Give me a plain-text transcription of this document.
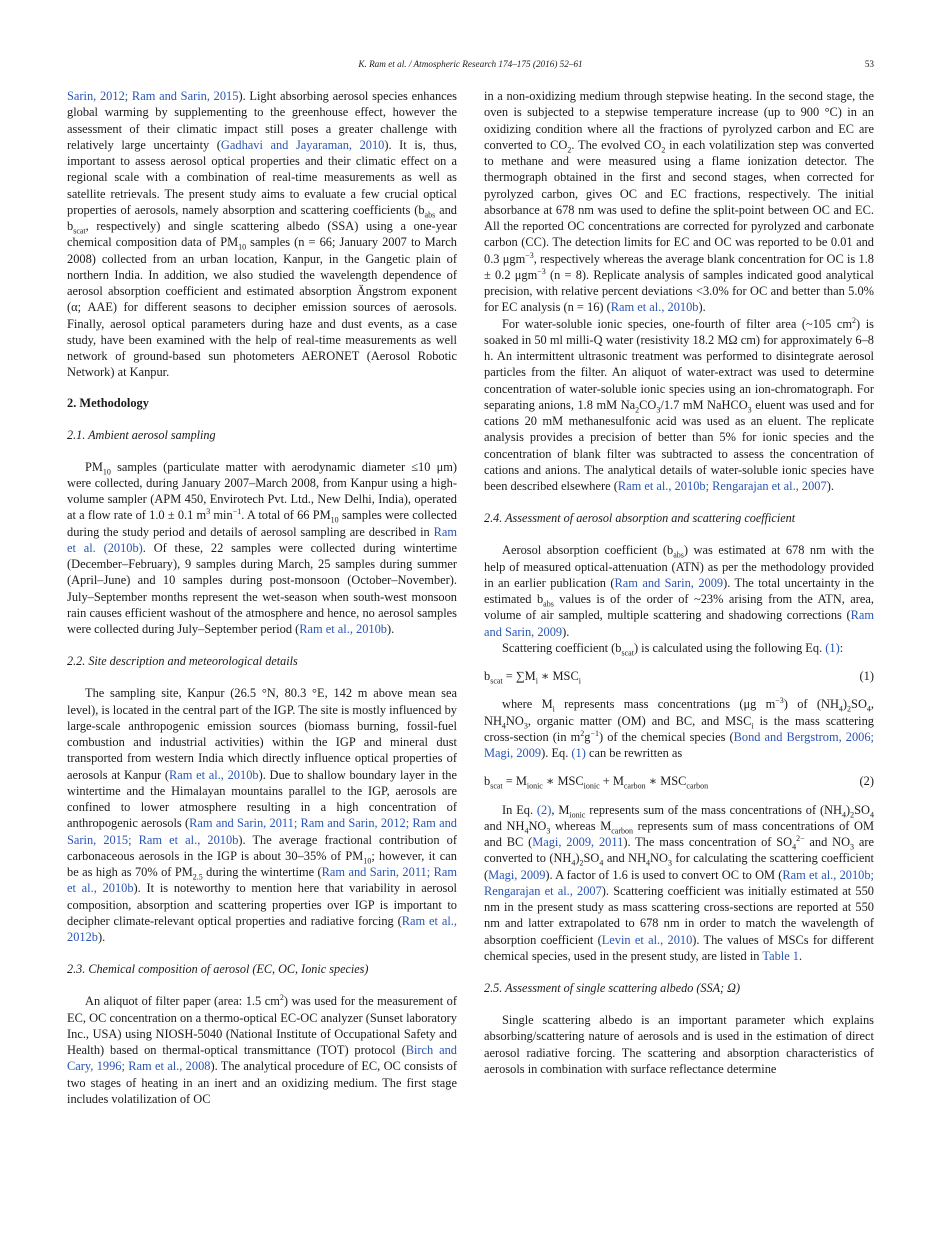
K. Ram et al. / Atmospheric Research 174–175 (2016) 52–61	53

Sarin, 2012; Ram and Sarin, 2015). Light absorbing aerosol species enhances global warming by supplementing to the greenhouse effect, however the assessment of their climatic impact still poses a greater challenge with relatively large uncertainty (Gadhavi and Jayaraman, 2010). It is, thus, important to assess aerosol optical properties and their climatic effect on a regional scale with a combination of real-time measurements as well as satellite retrievals. The present study aims to evaluate a few crucial optical properties of aerosols, namely absorption and scattering coefficients ($b_{abs}$ and $b_{scat}$, respectively) and single scattering albedo (SSA) using a one-year chemical composition data of $PM_{10}$ samples (n = 66; January 2007 to March 2008) collected from an urban location, Kanpur, in the Gangetic plain of northern India. In addition, we also studied the wavelength dependence of aerosol absorption coefficient and estimated absorption Ängstrom exponent (α; AAE) for different seasons to decipher emission sources of aerosols. Finally, aerosol optical parameters during haze and dust events, as a case study, have been examined with the help of real-time measurements as well network of ground-based sun photometers AERONET (Aerosol Robotic Network) at Kanpur.

2. Methodology
2.1. Ambient aerosol sampling

$PM_{10}$ samples (particulate matter with aerodynamic diameter ≤10 μm) were collected, during January 2007–March 2008, from Kanpur using a high-volume sampler (APM 450, Envirotech Pvt. Ltd., New Delhi, India), operated at a flow rate of 1.0 ± 0.1 $m^3$ $\min^{-1}$. A total of 66 $PM_{10}$ samples were collected during the study period and details of aerosol sampling are described in Ram et al. (2010b). Of these, 22 samples were collected during wintertime (December–February), 9 samples during March, 25 samples during summer (April–June) and 10 samples during post-monsoon (October–November). July–September months represent the wet-season when south-west monsoon rain causes efficient washout of the atmosphere and hence, no aerosol samples were collected during July–September period (Ram et al., 2010b).

2.2. Site description and meteorological details

The sampling site, Kanpur (26.5 °N, 80.3 °E, 142 m above mean sea level), is located in the central part of the IGP. The site is mostly influenced by large-scale anthropogenic emission sources (biomass burning, fossil-fuel combustion and industrial activities) within the IGP and mineral dust transported from western India which directly influence optical properties of aerosols at Kanpur (Ram et al., 2010b). Due to shallow boundary layer in the wintertime and the Himalayan mountains parallel to the IGP, aerosols are confined to lower atmosphere resulting in a high concentration of anthropogenic aerosols (Ram and Sarin, 2011; Ram and Sarin, 2012; Ram and Sarin, 2015; Ram et al., 2010b). The average fractional contribution of carbonaceous aerosols in the IGP is about 30–35% of $PM_{10}$; however, it can be as high as 70% of $PM_{2.5}$ during the wintertime (Ram and Sarin, 2011; Ram et al., 2010b). It is noteworthy to mention here that variability in aerosol composition, absorption and scattering properties over IGP is important to decipher climate-relevant optical properties and radiative forcing (Ram et al., 2012b).

2.3. Chemical composition of aerosol (EC, OC, Ionic species)

An aliquot of filter paper (area: 1.5 $cm^2$) was used for the measurement of EC, OC concentration on a thermo-optical EC-OC analyzer (Sunset laboratory Inc., USA) using NIOSH-5040 (National Institute of Occupational Safety and Health) based on thermal-optical transmittance (TOT) protocol (Birch and Cary, 1996; Ram et al., 2008). The analytical procedure of EC, OC consists of two stages of heating in an inert and an oxidizing medium. The first stage includes volatilization of OC

in a non-oxidizing medium through stepwise heating. In the second stage, the oven is subjected to a stepwise temperature increase (up to 900 °C) in an oxidizing condition where all the fractions of pyrolyzed carbon and EC are converted to $CO_2$. The evolved $CO_2$ in each volatilization step was converted to methane and were measured using a flame ionization detector. The thermograph obtained in the first and second stages, when corrected for pyrolyzed carbon, gives OC and EC fractions, respectively. The initial absorbance at 678 nm was used to define the split-point between OC and EC. All the reported OC concentrations are corrected for pyrolyzed and carbonate carbon (CC). The detection limits for EC and OC was reported to be 0.01 and 0.3 μgm$^{-3}$, respectively whereas the average blank concentration for OC is 1.8 ± 0.2 μgm$^{-3}$ (n = 8). Replicate analysis of samples indicated good analytical precision, with relative percent deviations <3.0% for OC and better than 5.0% for EC analysis (n = 16) (Ram et al., 2010b).

For water-soluble ionic species, one-fourth of filter area (~105 $cm^2$) is soaked in 50 ml milli-Q water (resistivity 18.2 MΩ cm) for approximately 6–8 h. An intermittent ultrasonic treatment was performed to disintegrate aerosol particles from the filter. An aliquot of water-extract was used to determine concentration of water-soluble ionic species using an ion-chromatograph. For separating anions, 1.8 mM $Na_2CO_3/1.7$ mM NaHCO$_3$ eluent was used and for cations 20 mM methanesulfonic acid was used as an eluent. The replicate analysis provides a precision of better than 5% for ionic species and the concentration of blank filter was subtracted to assess the concentration of cations and anions. The analytical details of water-soluble ionic species have been described elsewhere (Ram et al., 2010b; Rengarajan et al., 2007).

2.4. Assessment of aerosol absorption and scattering coefficient

Aerosol absorption coefficient $(b_{abs})$ was estimated at 678 nm with the help of measured optical-attenuation (ATN) as per the methodology provided in an earlier publication (Ram and Sarin, 2009). The total uncertainty in the estimated $b_{abs}$ values is of the order of ~23% arising from the ATN, area, volume of air sampled, multiple scattering and shadowing corrections (Ram and Sarin, 2009).

Scattering coefficient $(b_{scat})$ is calculated using the following Eq. (1):

$b_{scat} = \sum M_i$ ∗ $MSC_i$	(1)

where $M_i$ represents mass concentrations (μg $m^{-3}$) of $(NH_4)_2SO_4$, $NH_4NO_3$, organic matter (OM) and BC, and $MSC_i$ is the mass scattering cross-section (in $m^2g^{-1}$) of the chemical species (Bond and Bergstrom, 2006; Magi, 2009). Eq. (1) can be rewritten as

$b_{scat} = M_{ionic}$ ∗ $MSC_{ionic} + M_{carbon}$ ∗ $MSC_{carbon}$	(2)

In Eq. (2), $M_{ionic}$ represents sum of the mass concentrations of $(NH_4)_2SO_4$ and $NH_4NO_3$ whereas $M_{carbon}$ represents sum of mass concentrations of OM and BC (Magi, 2009, 2011). The mass concentration of $SO_4^{2-}$ and $NO_3$ are converted to $(NH_4)_2SO_4$ and $NH_4NO_3$ for calculating the scattering coefficient (Magi, 2009). A factor of 1.6 is used to convert OC to OM (Ram et al., 2010b; Rengarajan et al., 2007). Scattering coefficient was initially estimated at 550 nm in the present study as mass scattering cross-sections are reported at 550 nm and latter extrapolated to 678 nm in order to match the wavelength of absorption coefficient (Levin et al., 2010). The values of MSCs for different chemical species, used in the present study, are listed in Table 1.

2.5. Assessment of single scattering albedo (SSA; Ω)

Single scattering albedo is an important parameter which explains absorbing/scattering nature of aerosols and is used in the estimation of direct aerosol radiative forcing. The scattering and absorption characteristics of aerosols in combination with surface reflectance determine
